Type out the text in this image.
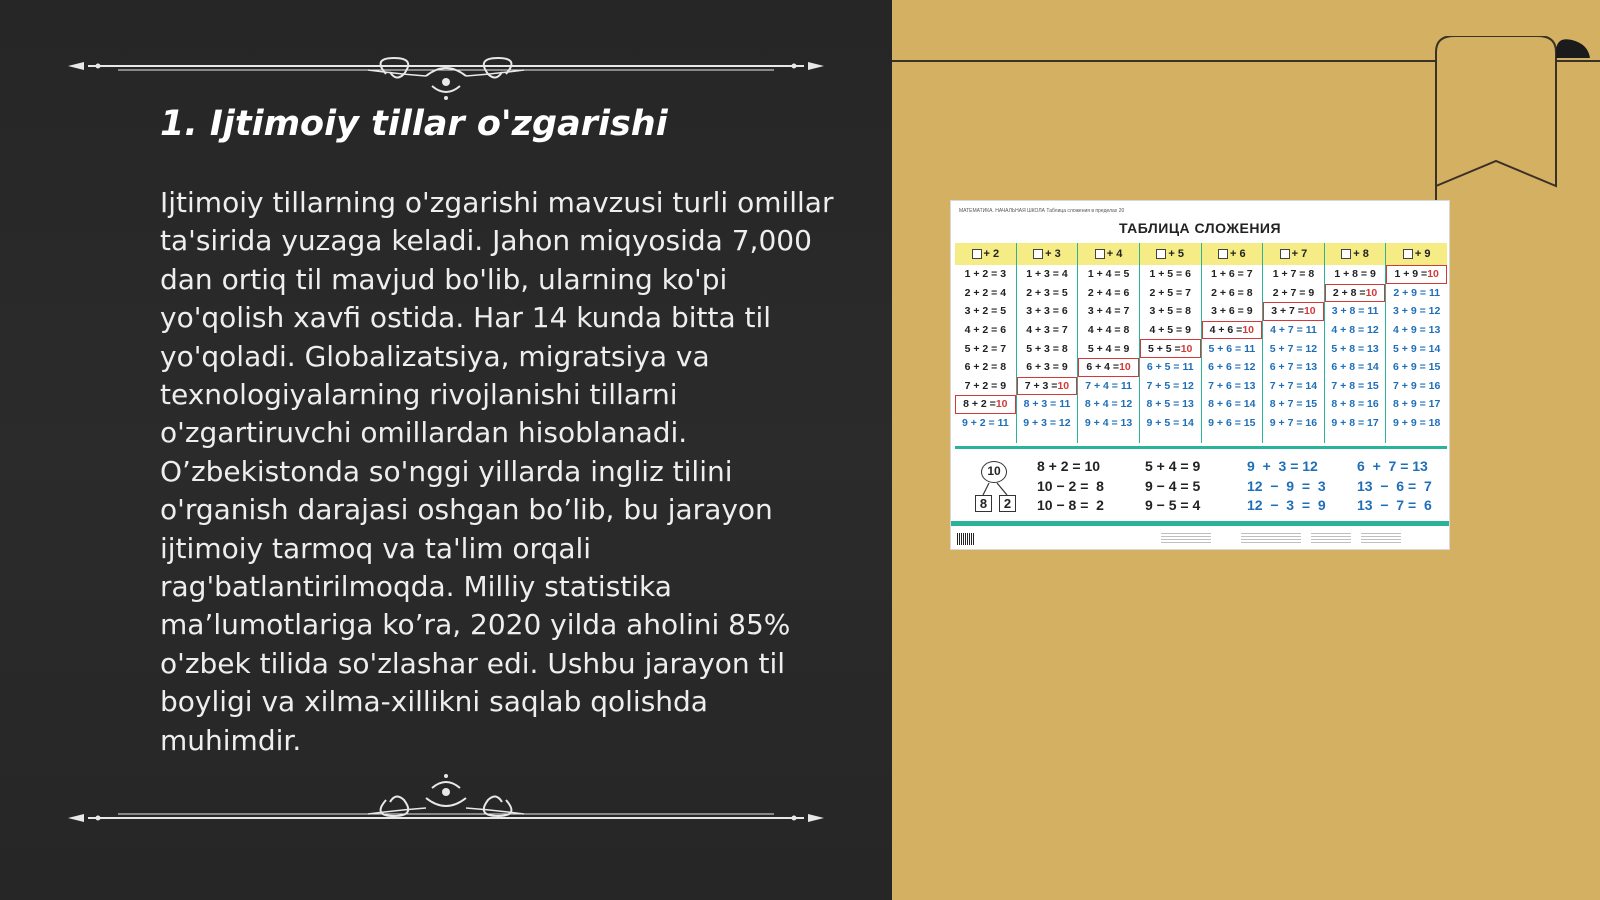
1. Ijtimoiy tillar o'zgarishi
Ijtimoiy tillarning o'zgarishi mavzusi turli omillar ta'sirida yuzaga keladi. Jahon miqyosida 7,000 dan ortiq til mavjud bo'lib, ularning ko'pi yo'qolish xavfi ostida. Har 14 kunda bitta til yo'qoladi. Globalizatsiya, migratsiya va texnologiyalarning rivojlanishi tillarni o'zgartiruvchi omillardan hisoblanadi. O’zbekistonda so'nggi yillarda ingliz tilini o'rganish darajasi oshgan bo’lib, bu jarayon ijtimoiy tarmoq va ta'lim orqali rag'batlantirilmoqda. Milliy statistika ma’lumotlariga ko’ra, 2020 yilda aholini 85% o'zbek tilida so'zlashar edi. Ushbu jarayon til boyligi va xilma-xillikni saqlab qolishda muhimdir.
МАТЕМАТИКА. НАЧАЛЬНАЯ ШКОЛА Таблица сложения в пределах 20
ТАБЛИЦА СЛОЖЕНИЯ
+ 2
1 + 2 = 3
2 + 2 = 4
3 + 2 = 5
4 + 2 = 6
5 + 2 = 7
6 + 2 = 8
7 + 2 = 9
8 + 2 = 10
9 + 2 = 11
+ 3
1 + 3 = 4
2 + 3 = 5
3 + 3 = 6
4 + 3 = 7
5 + 3 = 8
6 + 3 = 9
7 + 3 = 10
8 + 3 = 11
9 + 3 = 12
+ 4
1 + 4 = 5
2 + 4 = 6
3 + 4 = 7
4 + 4 = 8
5 + 4 = 9
6 + 4 = 10
7 + 4 = 11
8 + 4 = 12
9 + 4 = 13
+ 5
1 + 5 = 6
2 + 5 = 7
3 + 5 = 8
4 + 5 = 9
5 + 5 = 10
6 + 5 = 11
7 + 5 = 12
8 + 5 = 13
9 + 5 = 14
+ 6
1 + 6 = 7
2 + 6 = 8
3 + 6 = 9
4 + 6 = 10
5 + 6 = 11
6 + 6 = 12
7 + 6 = 13
8 + 6 = 14
9 + 6 = 15
+ 7
1 + 7 = 8
2 + 7 = 9
3 + 7 = 10
4 + 7 = 11
5 + 7 = 12
6 + 7 = 13
7 + 7 = 14
8 + 7 = 15
9 + 7 = 16
+ 8
1 + 8 = 9
2 + 8 = 10
3 + 8 = 11
4 + 8 = 12
5 + 8 = 13
6 + 8 = 14
7 + 8 = 15
8 + 8 = 16
9 + 8 = 17
+ 9
1 + 9 = 10
2 + 9 = 11
3 + 9 = 12
4 + 9 = 13
5 + 9 = 14
6 + 9 = 15
7 + 9 = 16
8 + 9 = 17
9 + 9 = 18
10
8	2
8 + 2 = 10
10 − 2 =  8
10 − 8 =  2
5 + 4 = 9
9 − 4 = 5
9 − 5 = 4
9  +  3 = 12
12  −  9  =  3
12  −  3  =  9
6  +  7 = 13
13  −  6 =  7
13  −  7 =  6
